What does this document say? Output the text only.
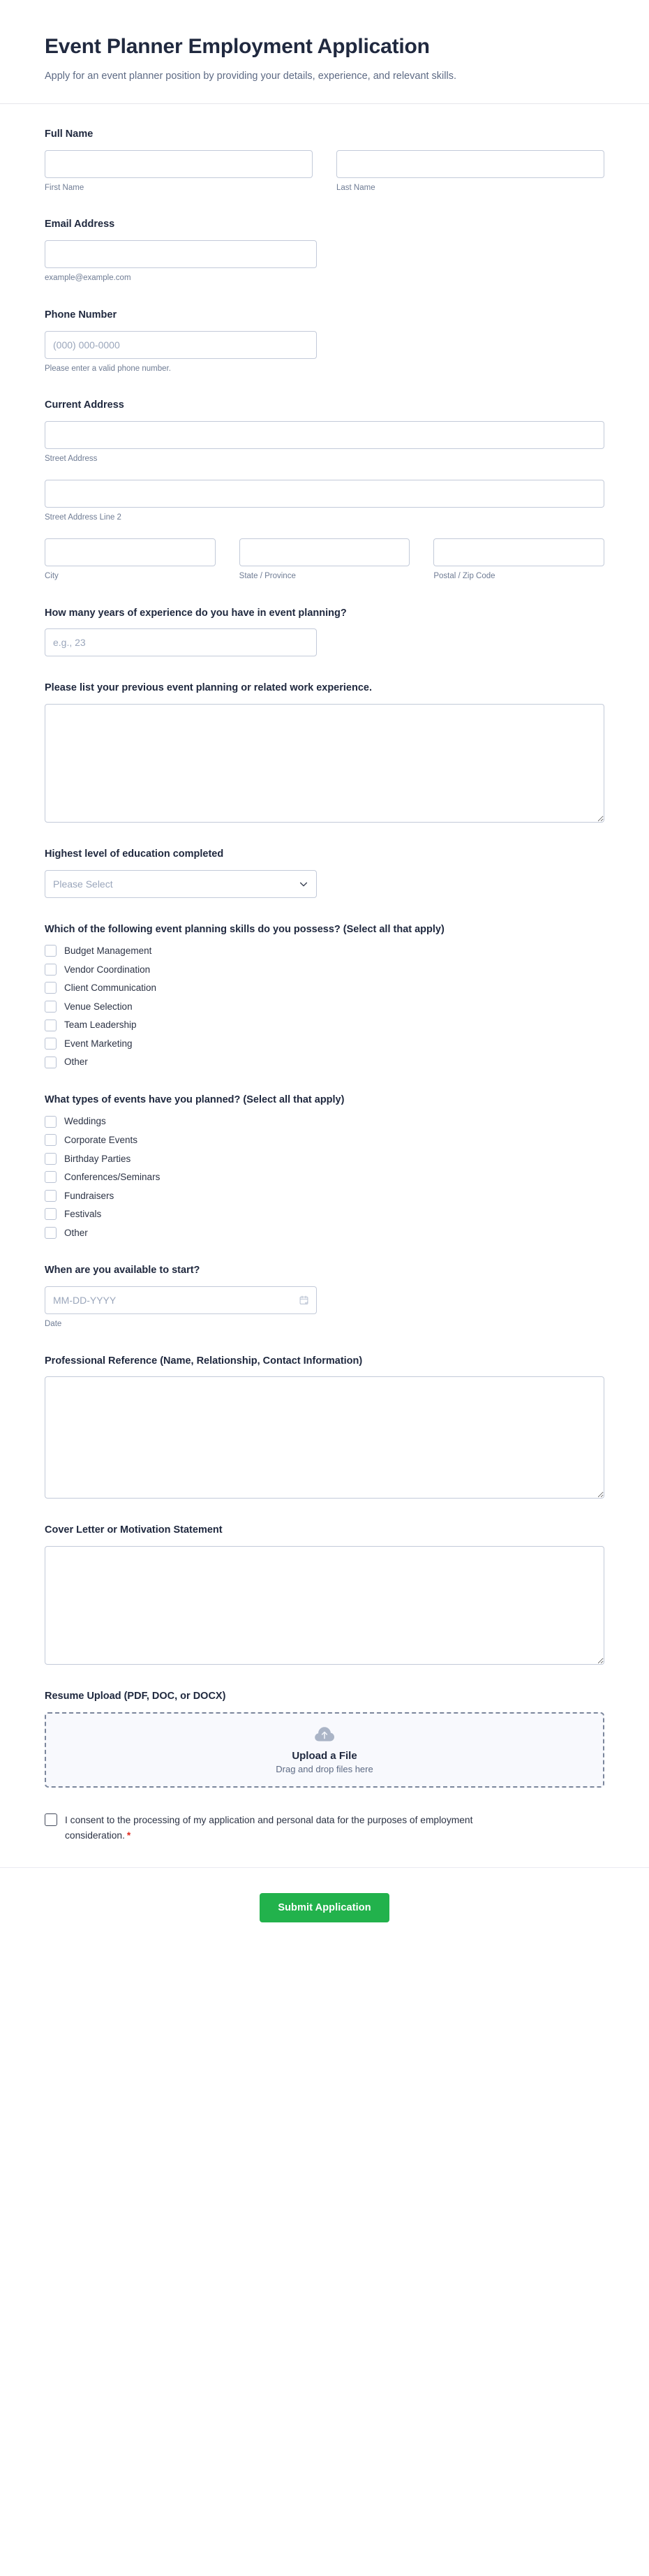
Event Planner Employment Application

Apply for an event planner position by providing your details, experience, and relevant skills.

Full Name
First Name	Last Name
Email Address
example@example.com
Phone Number
(000) 000-0000
Please enter a valid phone number.
Current Address
Street Address
Street Address Line 2
City	State / Province	Postal / Zip Code
How many years of experience do you have in event planning?
e.g., 23
Please list your previous event planning or related work experience.
Highest level of education completed
Please Select
Which of the following event planning skills do you possess? (Select all that apply)
Budget Management
Vendor Coordination
Client Communication
Venue Selection
Team Leadership
Event Marketing
Other
What types of events have you planned? (Select all that apply)
Weddings
Corporate Events
Birthday Parties
Conferences/Seminars
Fundraisers
Festivals
Other
When are you available to start?
MM-DD-YYYY
Date
Professional Reference (Name, Relationship, Contact Information)
Cover Letter or Motivation Statement
Resume Upload (PDF, DOC, or DOCX)
Upload a File
Drag and drop files here
I consent to the processing of my application and personal data for the purposes of employment consideration. *
Submit Application
